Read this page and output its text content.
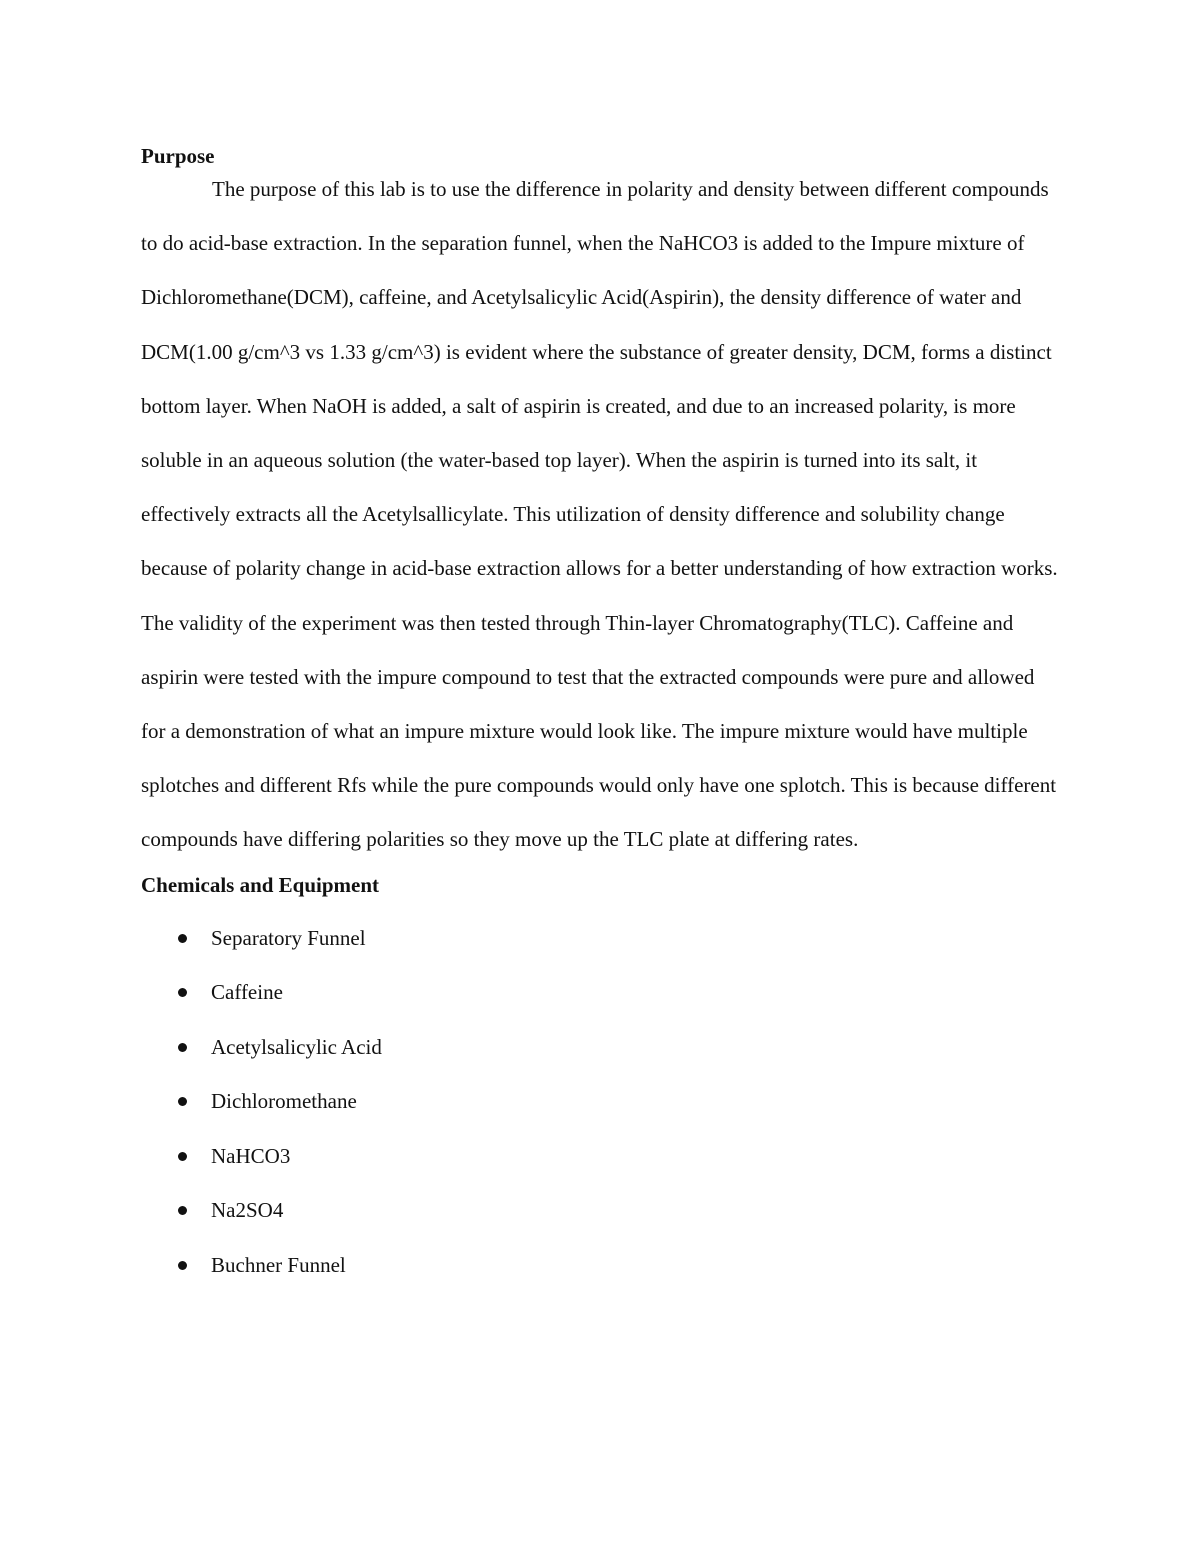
Purpose

The purpose of this lab is to use the difference in polarity and density between different compounds to do acid-base extraction. In the separation funnel, when the NaHCO3 is added to the Impure mixture of Dichloromethane(DCM), caffeine, and Acetylsalicylic Acid(Aspirin), the density difference of water and DCM(1.00 g/cm^3 vs 1.33 g/cm^3) is evident where the substance of greater density, DCM, forms a distinct bottom layer. When NaOH is added, a salt of aspirin is created, and due to an increased polarity, is more soluble in an aqueous solution (the water-based top layer). When the aspirin is turned into its salt, it effectively extracts all the Acetylsallicylate. This utilization of density difference and solubility change because of polarity change in acid-base extraction allows for a better understanding of how extraction works. The validity of the experiment was then tested through Thin-layer Chromatography(TLC). Caffeine and aspirin were tested with the impure compound to test that the extracted compounds were pure and allowed for a demonstration of what an impure mixture would look like. The impure mixture would have multiple splotches and different Rfs while the pure compounds would only have one splotch. This is because different compounds have differing polarities so they move up the TLC plate at differing rates.

Chemicals and Equipment
Separatory Funnel
Caffeine
Acetylsalicylic Acid
Dichloromethane
NaHCO3
Na2SO4
Buchner Funnel
